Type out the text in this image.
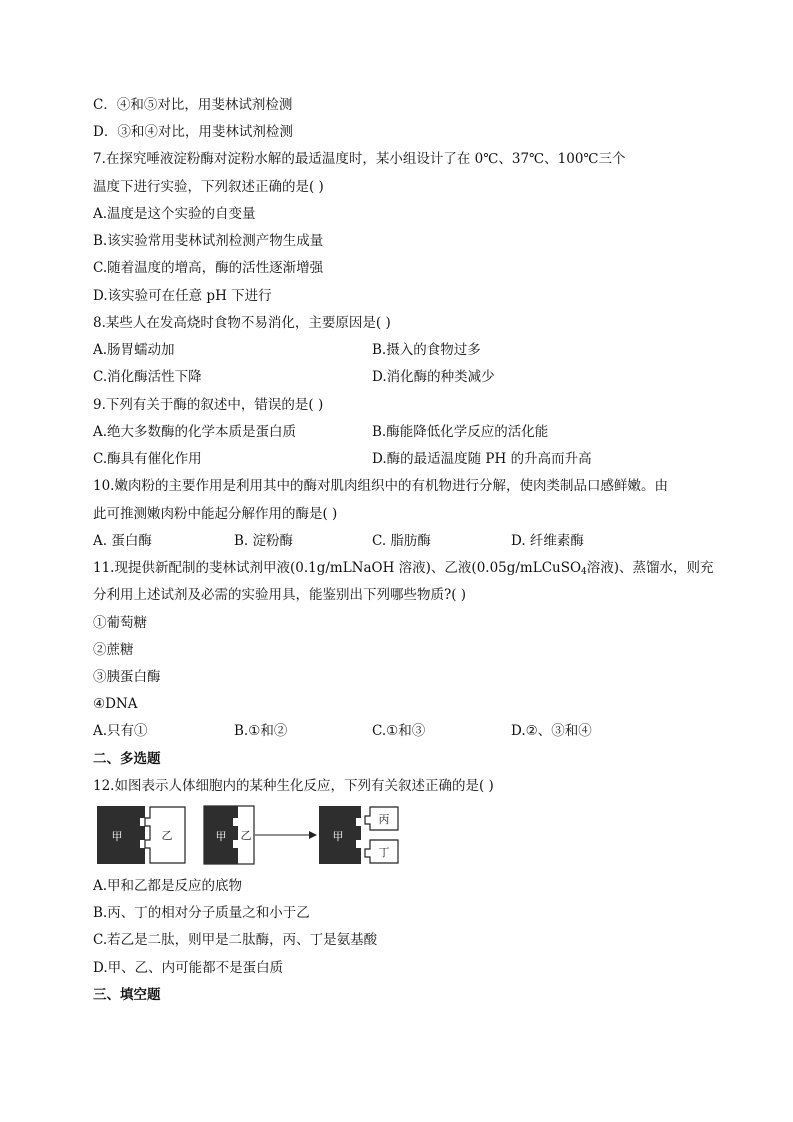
C．④和⑤对比，用斐林试剂检测
D．③和④对比，用斐林试剂检测
7.在探究唾液淀粉酶对淀粉水解的最适温度时，某小组设计了在 0℃、37℃、100℃三个
温度下进行实验，下列叙述正确的是( )
A.温度是这个实验的自变量
B.该实验常用斐林试剂检测产物生成量
C.随着温度的增高，酶的活性逐渐增强
D.该实验可在任意 pH 下进行
8.某些人在发高烧时食物不易消化，主要原因是( )
A.肠胃蠕动加	B.摄入的食物过多
C.消化酶活性下降	D.消化酶的种类减少
9.下列有关于酶的叙述中，错误的是( )
A.绝大多数酶的化学本质是蛋白质	B.酶能降低化学反应的活化能
C.酶具有催化作用	D.酶的最适温度随 PH 的升高而升高
10.嫩肉粉的主要作用是利用其中的酶对肌肉组织中的有机物进行分解，使肉类制品口感鲜嫩。由
此可推测嫩肉粉中能起分解作用的酶是( )
A. 蛋白酶	B. 淀粉酶	C. 脂肪酶	D. 纤维素酶
11.现提供新配制的斐林试剂甲液(0.1g/mLNaOH 溶液)、乙液(0.05g/mLCuSO$_4$溶液)、蒸馏水，则充
分利用上述试剂及必需的实验用具，能鉴别出下列哪些物质?( )
①葡萄糖
②蔗糖
③胰蛋白酶
④DNA
A.只有①	B.①和②	C.①和③	D.②、③和④
二、多选题
12.如图表示人体细胞内的某种生化反应，下列有关叙述正确的是( )
甲	乙	甲 乙	甲
丙
丁
A.甲和乙都是反应的底物
B.丙、丁的相对分子质量之和小于乙
C.若乙是二肽，则甲是二肽酶，丙、丁是氨基酸
D.甲、乙、内可能都不是蛋白质
三、填空题
